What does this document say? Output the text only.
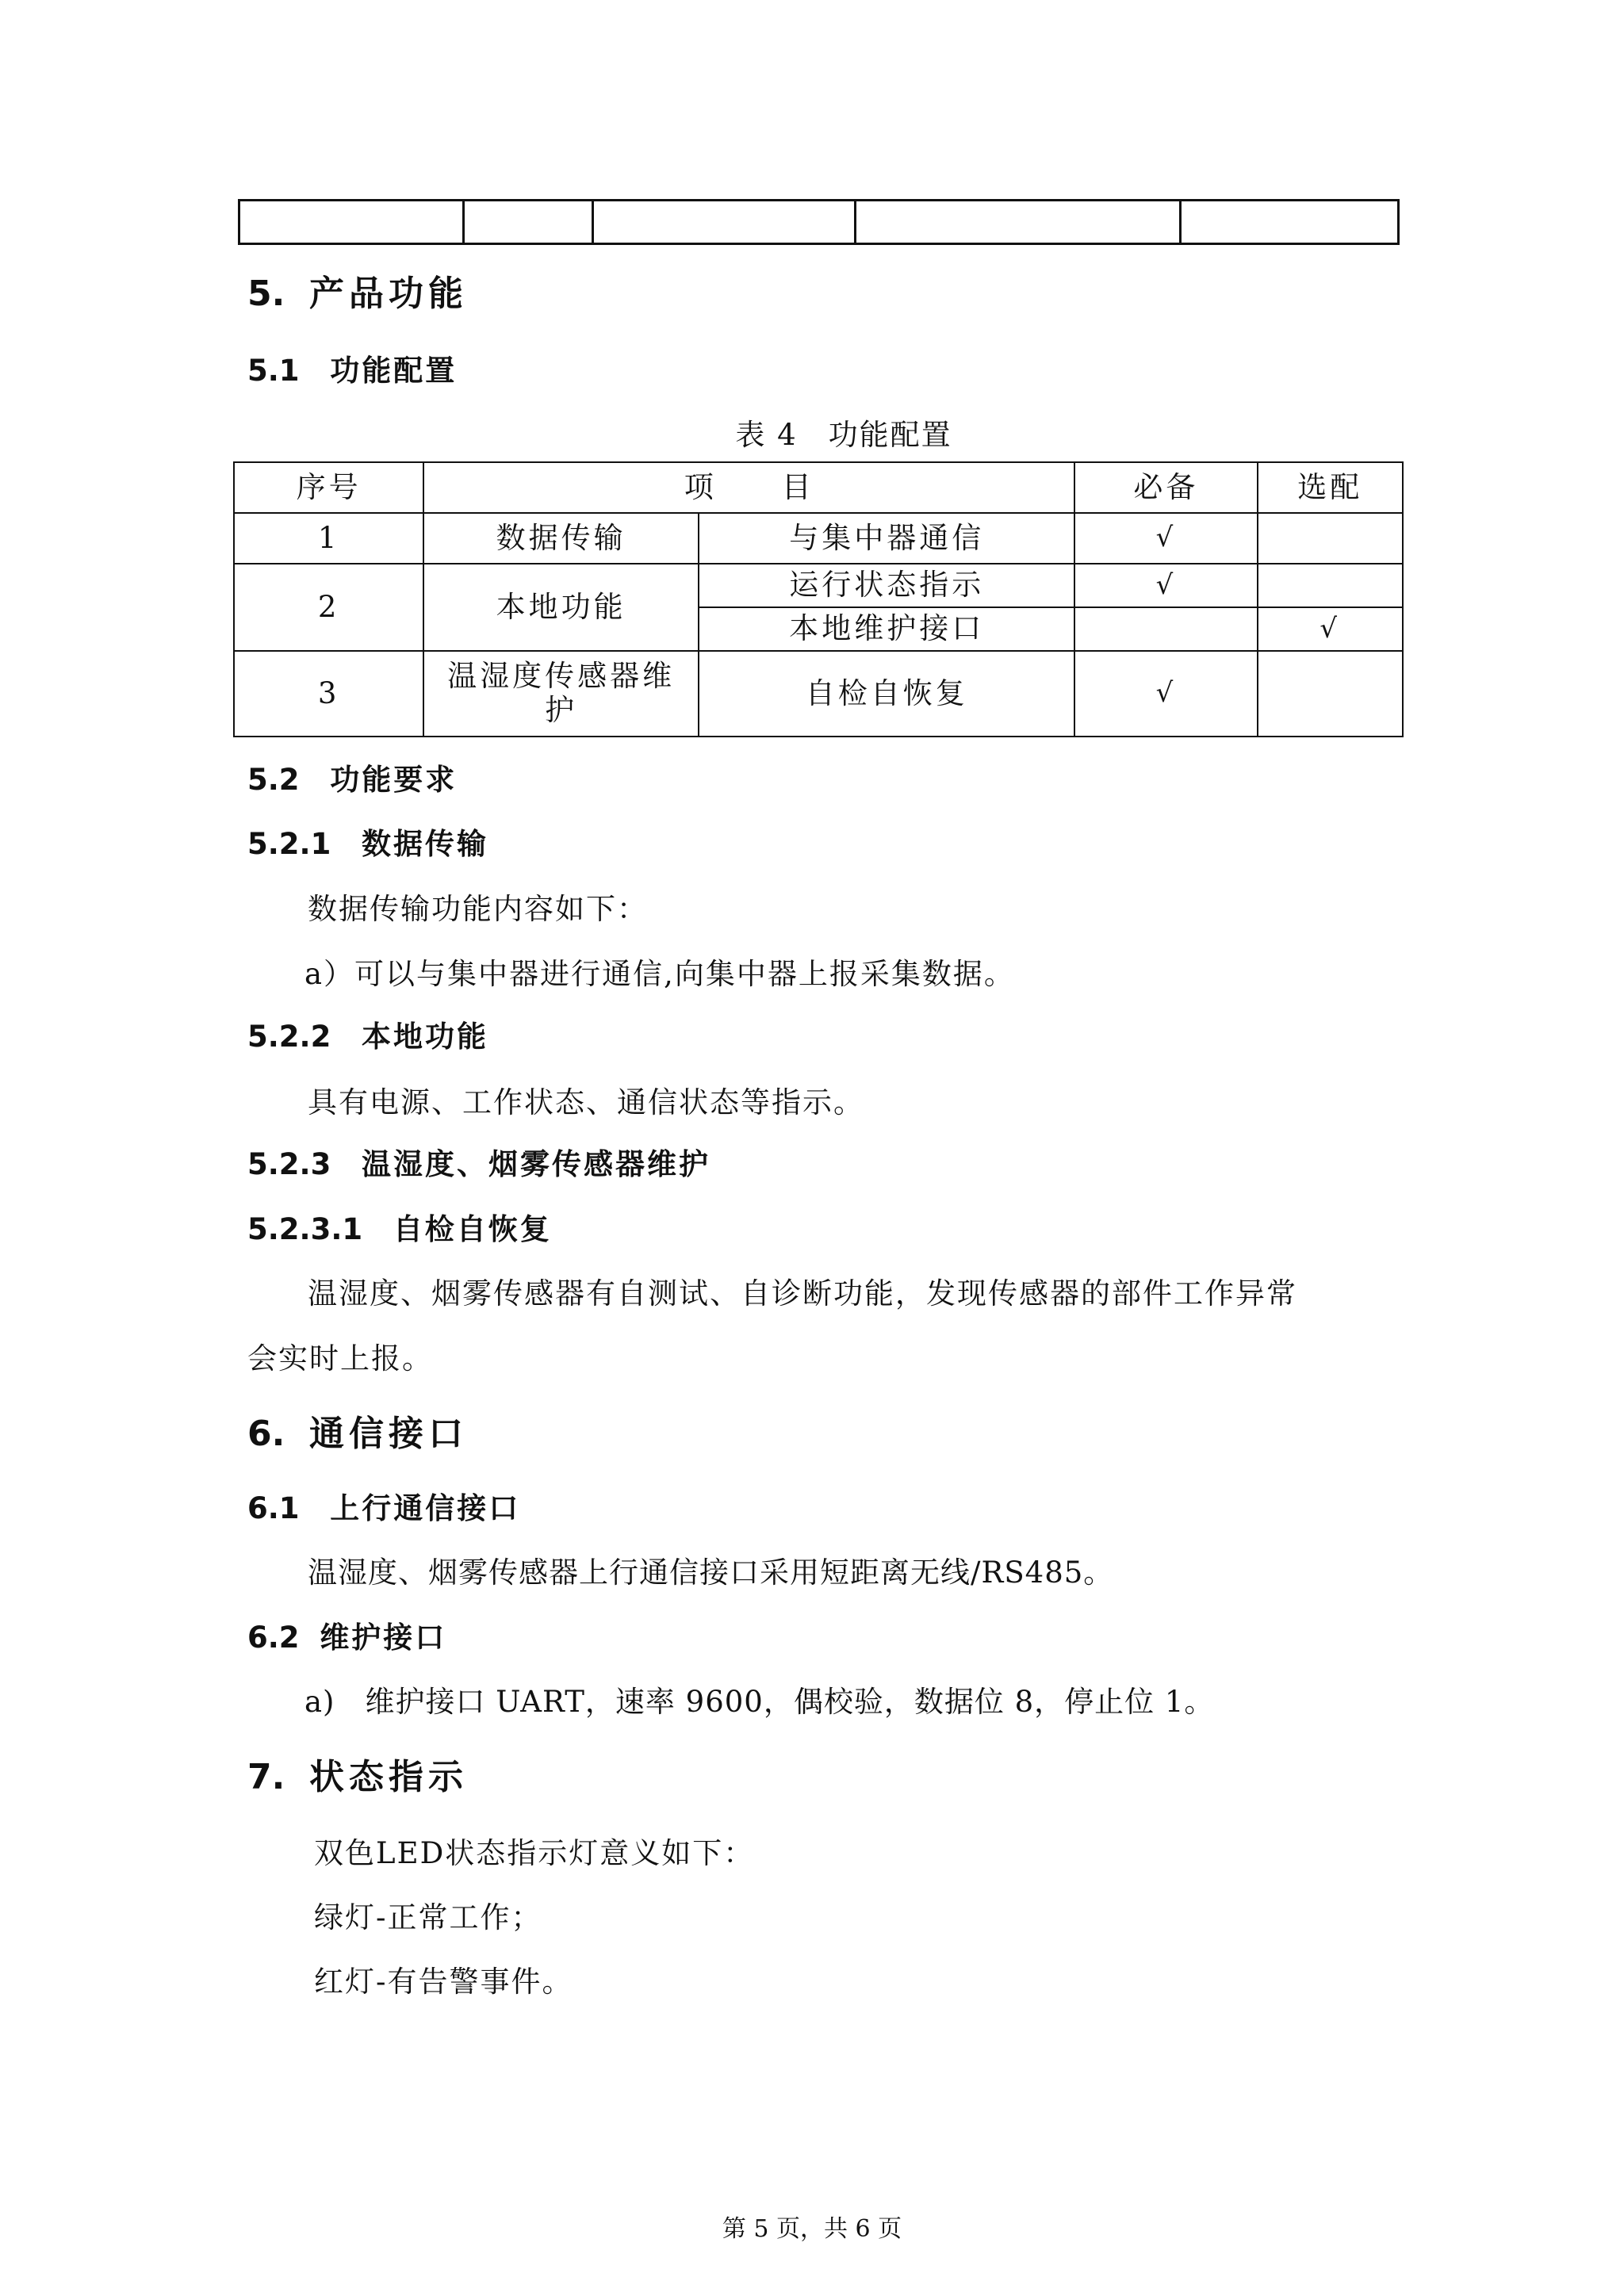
5. 产品功能
5.1 功能配置
表 4　功能配置
序号	项　　目		必备	选配
1	数据传输	与集中器通信	√	
2	本地功能	运行状态指示	√	
		本地维护接口		√
3	温湿度传感器维护	自检自恢复	√	
5.2 功能要求
5.2.1 数据传输
数据传输功能内容如下：
a）可以与集中器进行通信,向集中器上报采集数据。
5.2.2 本地功能
具有电源、工作状态、通信状态等指示。
5.2.3 温湿度、烟雾传感器维护
5.2.3.1 自检自恢复
温湿度、烟雾传感器有自测试、自诊断功能，发现传感器的部件工作异常
会实时上报。
6. 通信接口
6.1 上行通信接口
温湿度、烟雾传感器上行通信接口采用短距离无线/RS485。
6.2 维护接口
a)　维护接口 UART，速率 9600，偶校验，数据位 8，停止位 1。
7. 状态指示
双色LED状态指示灯意义如下：
绿灯-正常工作；
红灯-有告警事件。
第 5 页，共 6 页
